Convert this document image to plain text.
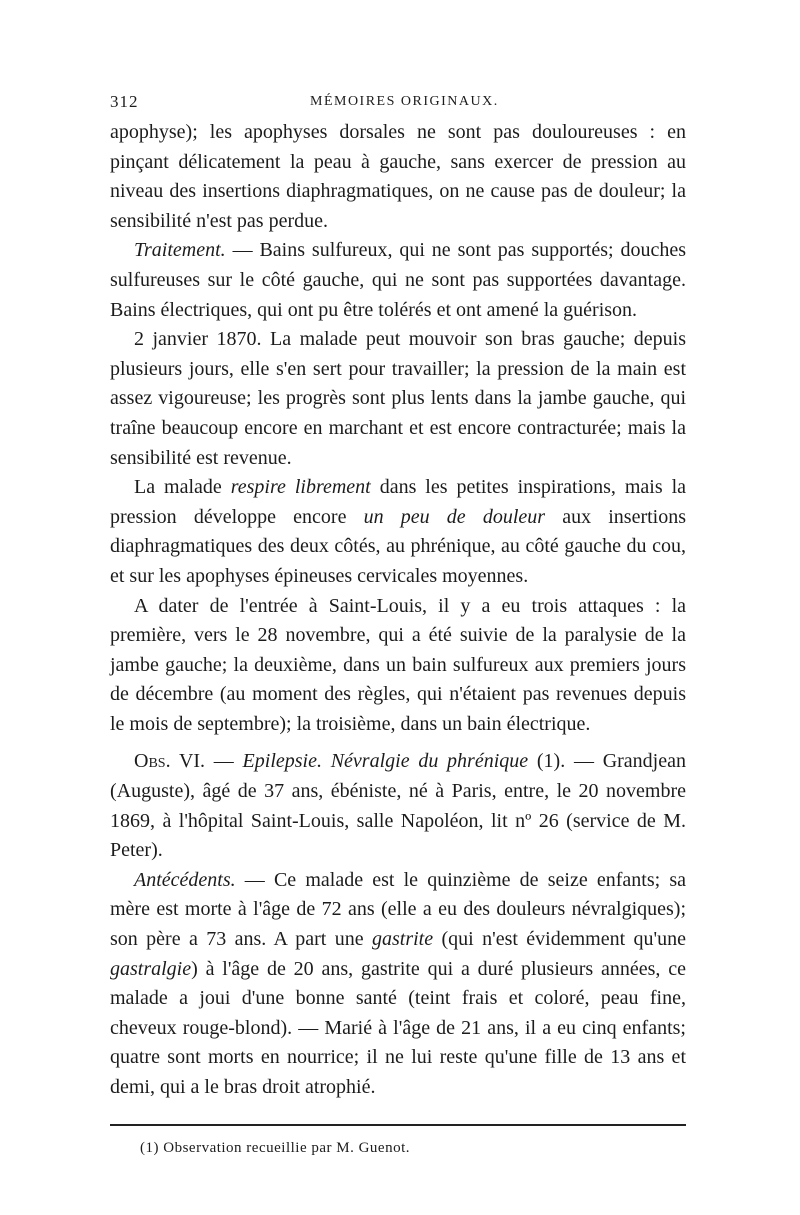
312	MÉMOIRES ORIGINAUX.

apophyse); les apophyses dorsales ne sont pas douloureuses : en pinçant délicatement la peau à gauche, sans exercer de pression au niveau des insertions diaphragmatiques, on ne cause pas de douleur; la sensibilité n'est pas perdue.

Traitement. — Bains sulfureux, qui ne sont pas supportés; douches sulfureuses sur le côté gauche, qui ne sont pas supportées davantage. Bains électriques, qui ont pu être tolérés et ont amené la guérison.

2 janvier 1870. La malade peut mouvoir son bras gauche; depuis plusieurs jours, elle s'en sert pour travailler; la pression de la main est assez vigoureuse; les progrès sont plus lents dans la jambe gauche, qui traîne beaucoup encore en marchant et est encore contracturée; mais la sensibilité est revenue.

La malade respire librement dans les petites inspirations, mais la pression développe encore un peu de douleur aux insertions diaphragmatiques des deux côtés, au phrénique, au côté gauche du cou, et sur les apophyses épineuses cervicales moyennes.

A dater de l'entrée à Saint-Louis, il y a eu trois attaques : la première, vers le 28 novembre, qui a été suivie de la paralysie de la jambe gauche; la deuxième, dans un bain sulfureux aux premiers jours de décembre (au moment des règles, qui n'étaient pas revenues depuis le mois de septembre); la troisième, dans un bain électrique.

Obs. VI. — Epilepsie. Névralgie du phrénique (1). — Grandjean (Auguste), âgé de 37 ans, ébéniste, né à Paris, entre, le 20 novembre 1869, à l'hôpital Saint-Louis, salle Napoléon, lit nº 26 (service de M. Peter).

Antécédents. — Ce malade est le quinzième de seize enfants; sa mère est morte à l'âge de 72 ans (elle a eu des douleurs névralgiques); son père a 73 ans. A part une gastrite (qui n'est évidemment qu'une gastralgie) à l'âge de 20 ans, gastrite qui a duré plusieurs années, ce malade a joui d'une bonne santé (teint frais et coloré, peau fine, cheveux rouge-blond). — Marié à l'âge de 21 ans, il a eu cinq enfants; quatre sont morts en nourrice; il ne lui reste qu'une fille de 13 ans et demi, qui a le bras droit atrophié.

(1) Observation recueillie par M. Guenot.
